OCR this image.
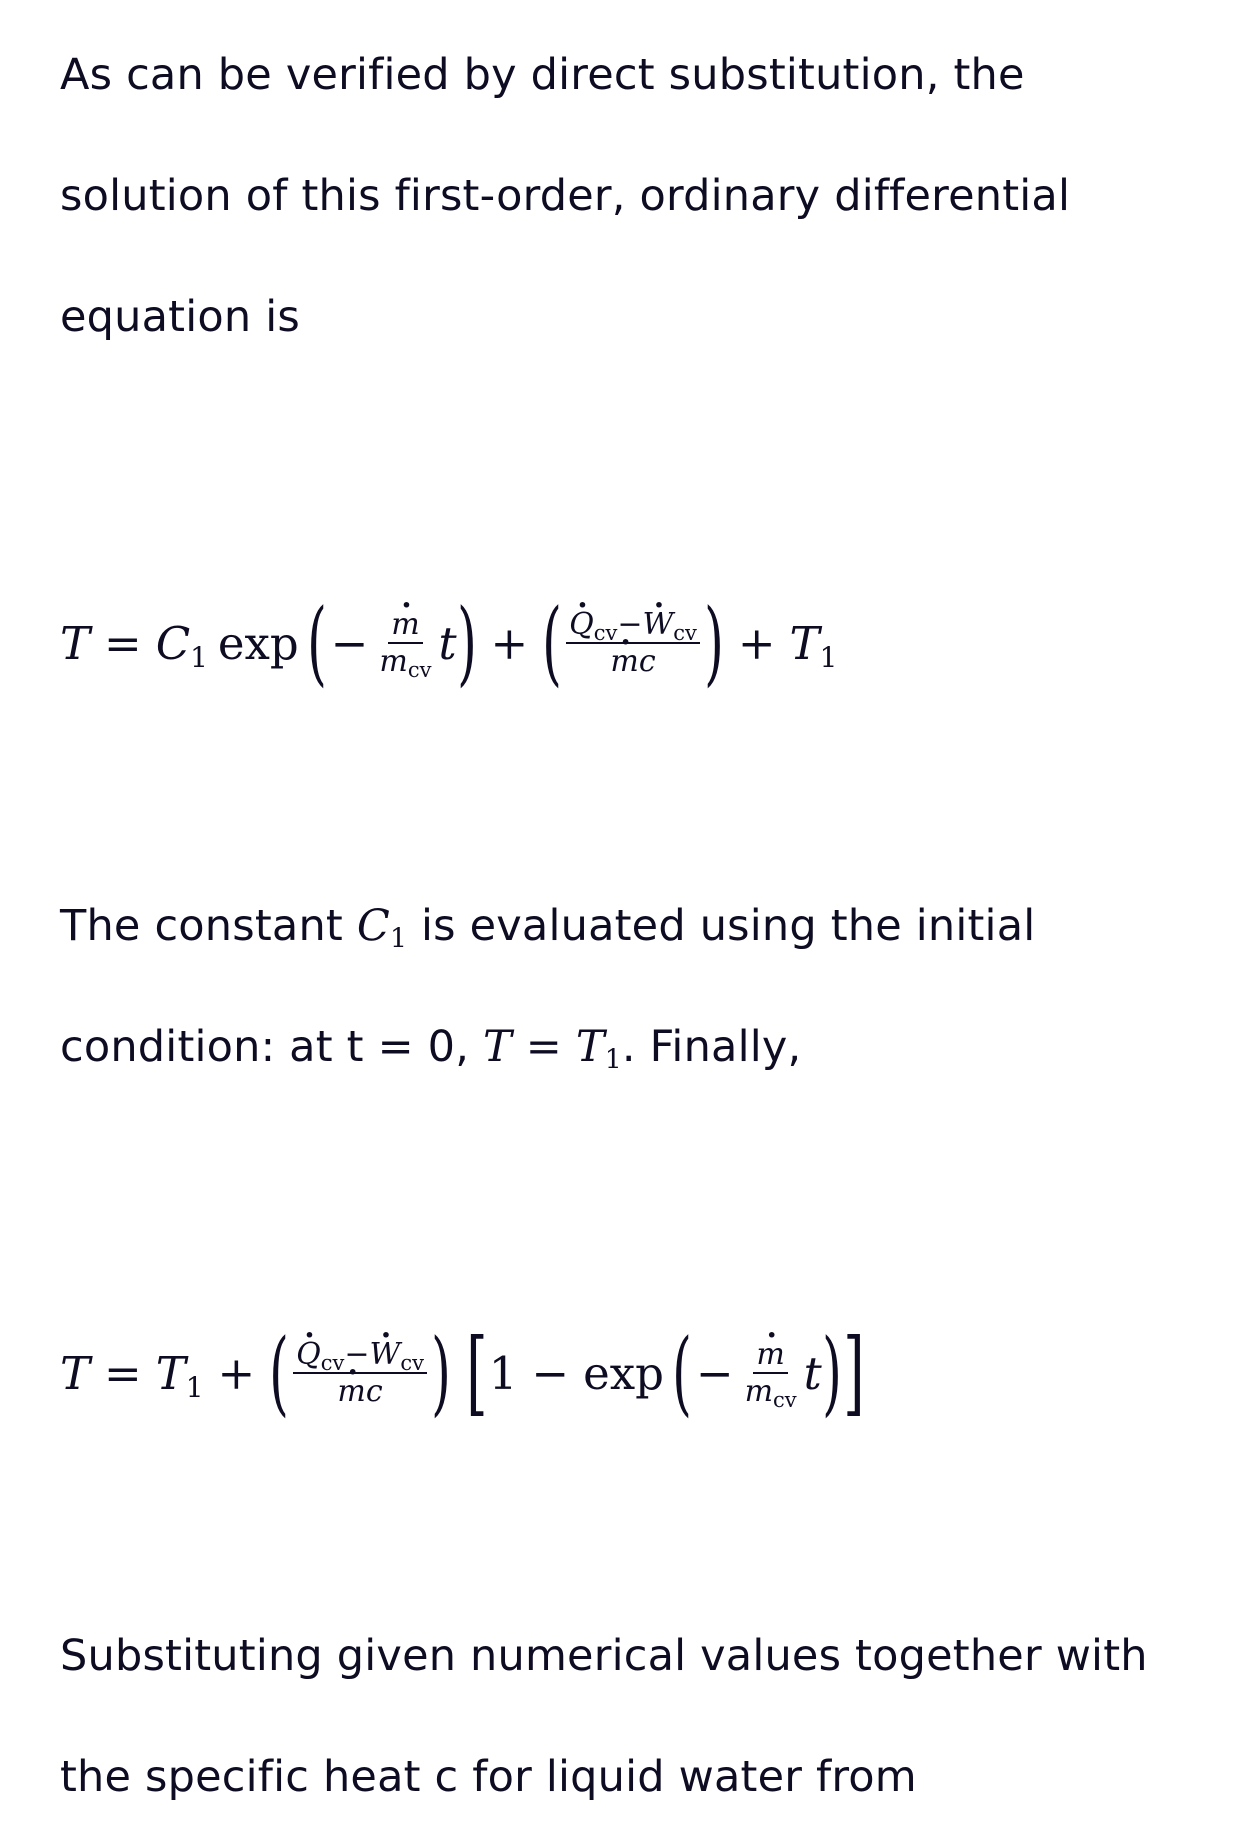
As can be verified by direct substitution, the solution of this first-order, ordinary differential equation is

$T = C_1$ exp ( − · $\frac{m}{m_{cv}}$ t ) + ( · $Q_{cv}-\cdot W_{cv}$
· mc ) + $T_1$

The constant $C_1$ is evaluated using the initial condition: at t = 0, $T = T_1$. Finally,

$T = T_1$ + ( · $Q_{cv}-\cdot W_{cv}$
· mc ) [ 1 − exp ( − · $\frac{m}{m_{cv}}$ t ) ]

Substituting given numerical values together with the specific heat c for liquid water from
